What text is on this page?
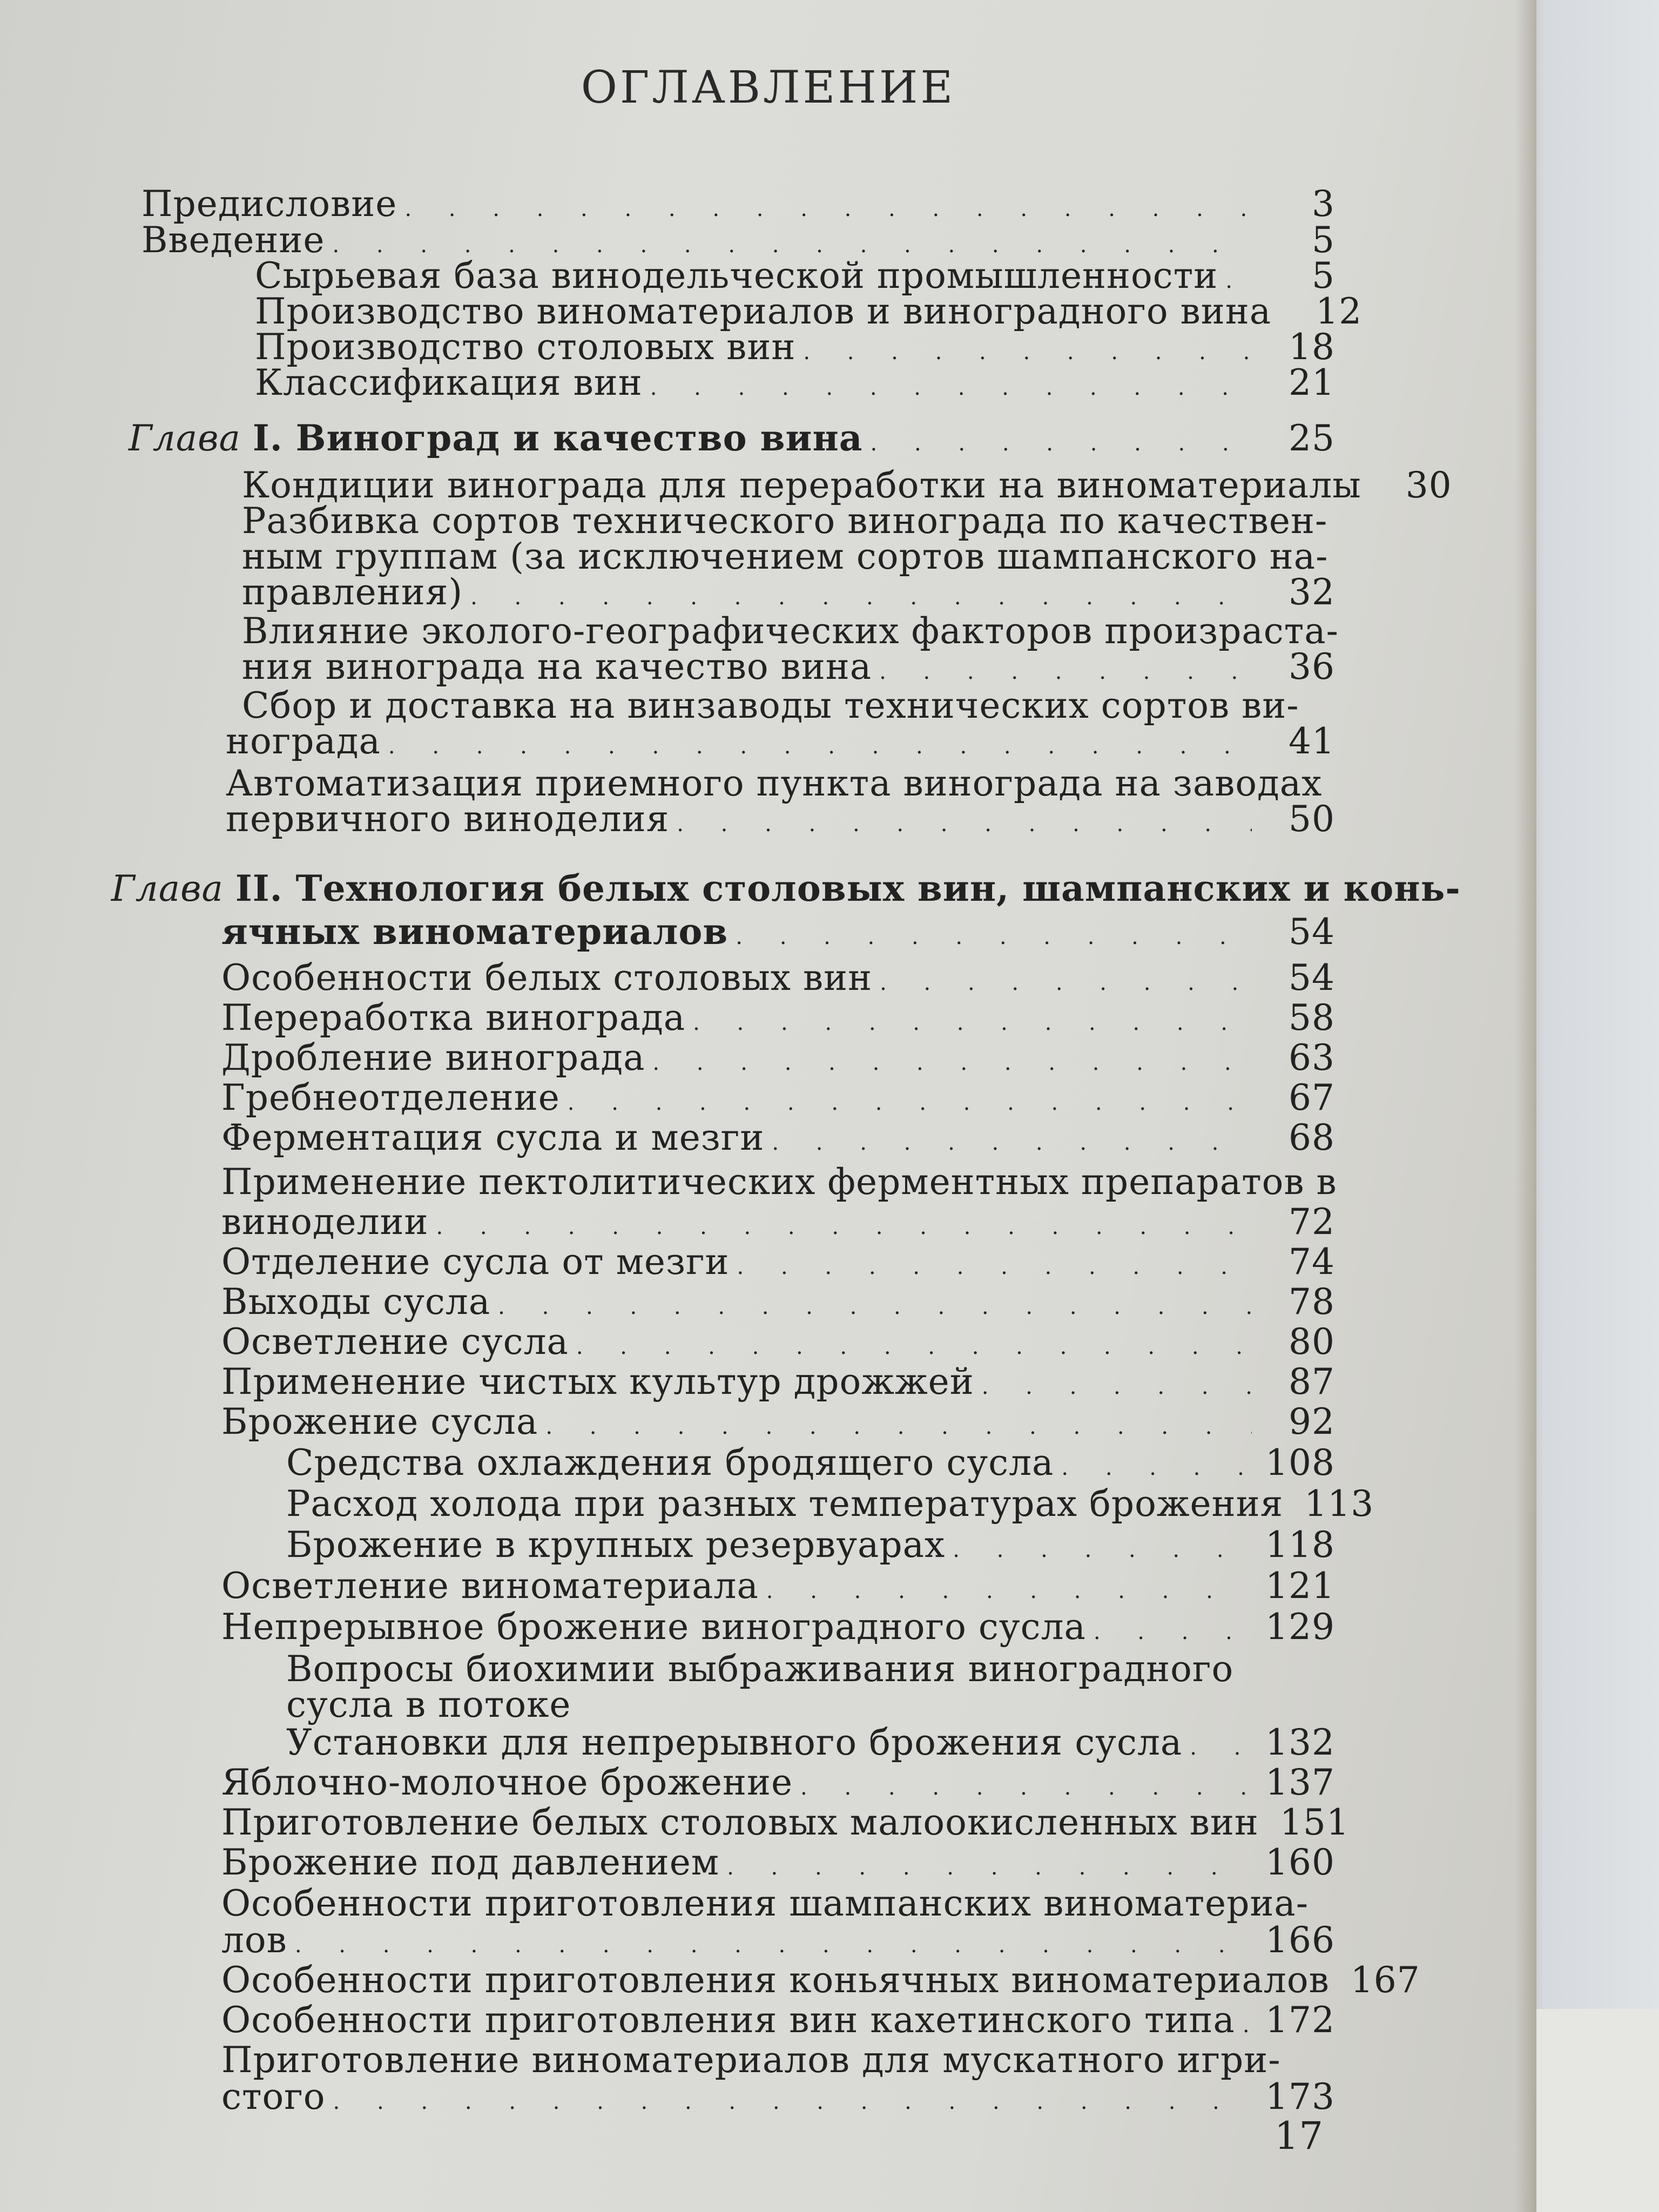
ОГЛАВЛЕНИЕ
Предисловие . . .	3
Введение . . .	5
Сырьевая база винодельческой промышленности . . .	5
Производство виноматериалов и виноградного вина	12
Производство столовых вин . . .	18
Классификация вин . . .	21
Глава I. Виноград и качество вина . . .	25
Кондиции винограда для переработки на виноматериалы	30
Разбивка сортов технического винограда по качествен-
ным группам (за исключением сортов шампанского на-
правления) . . .	32
Влияние эколого-географических факторов произраста-
ния винограда на качество вина . . .	36
Сбор и доставка на винзаводы технических сортов ви-
нограда . . .	41
Автоматизация приемного пункта винограда на заводах
первичного виноделия . . .	50
Глава II. Технология белых столовых вин, шампанских и конь-
ячных виноматериалов . . .	54
Особенности белых столовых вин . . .	54
Переработка винограда . . .	58
Дробление винограда . . .	63
Гребнеотделение . . .	67
Ферментация сусла и мезги . . .	68
Применение пектолитических ферментных препаратов в
виноделии . . .	72
Отделение сусла от мезги . . .	74
Выходы сусла . . .	78
Осветление сусла . . .	80
Применение чистых культур дрожжей . . .	87
Брожение сусла . . .	92
Средства охлаждения бродящего сусла . . .	108
Расход холода при разных температурах брожения 113
Брожение в крупных резервуарах . . .	118
Осветление виноматериала . . .	121
Непрерывное брожение виноградного сусла . . .	129
Вопросы биохимии выбраживания виноградного
сусла в потоке
Установки для непрерывного брожения сусла . . . 132
Яблочно-молочное брожение . . .	137
Приготовление белых столовых малоокисленных вин 151
Брожение под давлением . . .	160
Особенности приготовления шампанских виноматериа-
лов . . .	166
Особенности приготовления коньячных виноматериалов 167
Особенности приготовления вин кахетинского типа . . . 172
Приготовление виноматериалов для мускатного игри-
стого . . .	173
17
